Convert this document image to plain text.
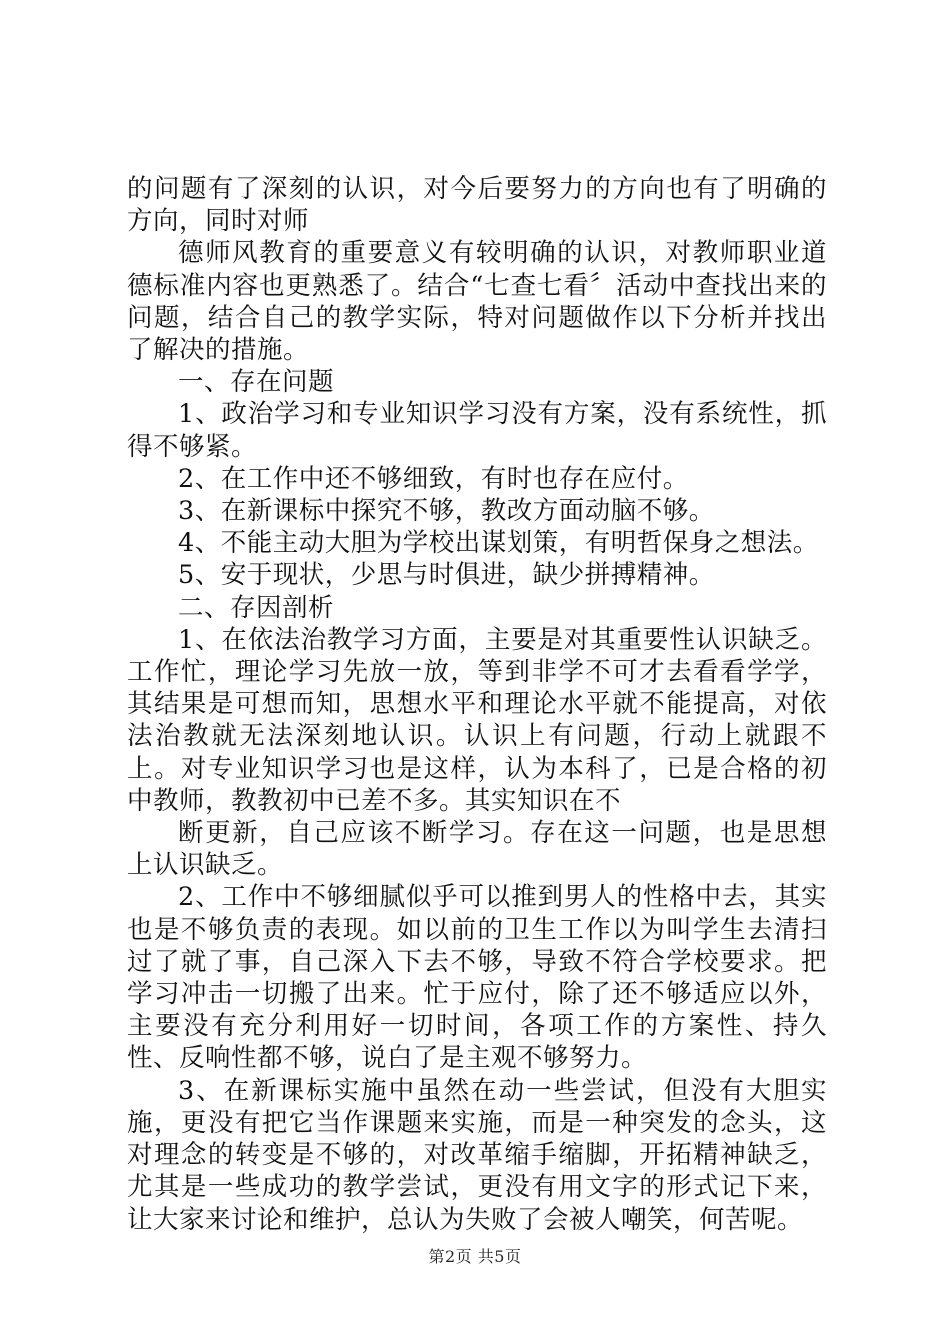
的问题有了深刻的认识，对今后要努力的方向也有了明确的方向，同时对师

德师风教育的重要意义有较明确的认识，对教师职业道德标准内容也更熟悉了。结合“七查七看〞活动中查找出来的问题，结合自己的教学实际，特对问题做作以下分析并找出了解决的措施。

一、存在问题

1、政治学习和专业知识学习没有方案，没有系统性，抓得不够紧。

2、在工作中还不够细致，有时也存在应付。

3、在新课标中探究不够，教改方面动脑不够。

4、不能主动大胆为学校出谋划策，有明哲保身之想法。

5、安于现状，少思与时俱进，缺少拼搏精神。

二、存因剖析

1、在依法治教学习方面，主要是对其重要性认识缺乏。工作忙，理论学习先放一放，等到非学不可才去看看学学，其结果是可想而知，思想水平和理论水平就不能提高，对依法治教就无法深刻地认识。认识上有问题，行动上就跟不上。对专业知识学习也是这样，认为本科了，已是合格的初中教师，教教初中已差不多。其实知识在不

断更新，自己应该不断学习。存在这一问题，也是思想上认识缺乏。

2、工作中不够细腻似乎可以推到男人的性格中去，其实也是不够负责的表现。如以前的卫生工作以为叫学生去清扫过了就了事，自己深入下去不够，导致不符合学校要求。把学习冲击一切搬了出来。忙于应付，除了还不够适应以外，主要没有充分利用好一切时间，各项工作的方案性、持久性、反响性都不够，说白了是主观不够努力。

3、在新课标实施中虽然在动一些尝试，但没有大胆实施，更没有把它当作课题来实施，而是一种突发的念头，这对理念的转变是不够的，对改革缩手缩脚，开拓精神缺乏，尤其是一些成功的教学尝试，更没有用文字的形式记下来，让大家来讨论和维护，总认为失败了会被人嘲笑，何苦呢。

第2页 共5页
